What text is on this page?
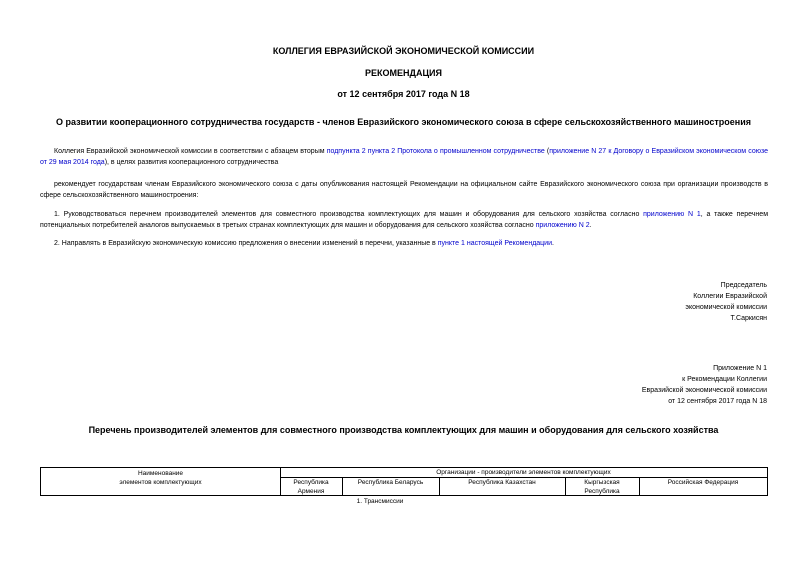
КОЛЛЕГИЯ ЕВРАЗИЙСКОЙ ЭКОНОМИЧЕСКОЙ КОМИССИИ
РЕКОМЕНДАЦИЯ
от 12 сентября 2017 года N 18
О развитии кооперационного сотрудничества государств - членов Евразийского экономического союза в сфере сельскохозяйственного машиностроения
Коллегия Евразийской экономической комиссии в соответствии с абзацем вторым подпункта 2 пункта 2 Протокола о промышленном сотрудничестве (приложение N 27 к Договору о Евразийском экономическом союзе от 29 мая 2014 года), в целях развития кооперационного сотрудничества
рекомендует государствам членам Евразийского экономического союза с даты опубликования настоящей Рекомендации на официальном сайте Евразийского экономического союза при организации производств в сфере сельскохозяйственного машиностроения:
1. Руководствоваться перечнем производителей элементов для совместного производства комплектующих для машин и оборудования для сельского хозяйства согласно приложению N 1, а также перечнем потенциальных потребителей аналогов выпускаемых в третьих странах комплектующих для машин и оборудования для сельского хозяйства согласно приложению N 2.
2. Направлять в Евразийскую экономическую комиссию предложения о внесении изменений в перечни, указанные в пункте 1 настоящей Рекомендации.
Председатель
Коллегии Евразийской
экономической комиссии
Т.Саркисян
Приложение N 1
к Рекомендации Коллегии
Евразийской экономической комиссии
от 12 сентября 2017 года N 18
Перечень производителей элементов для совместного производства комплектующих для машин и оборудования для сельского хозяйства
Наименование
элементов комплектующих
Организации - производители элементов комплектующих
Республика
Армения
Республика Беларусь	Республика Казахстан	Кыргызская
Республика
Российская Федерация
1. Трансмиссии
